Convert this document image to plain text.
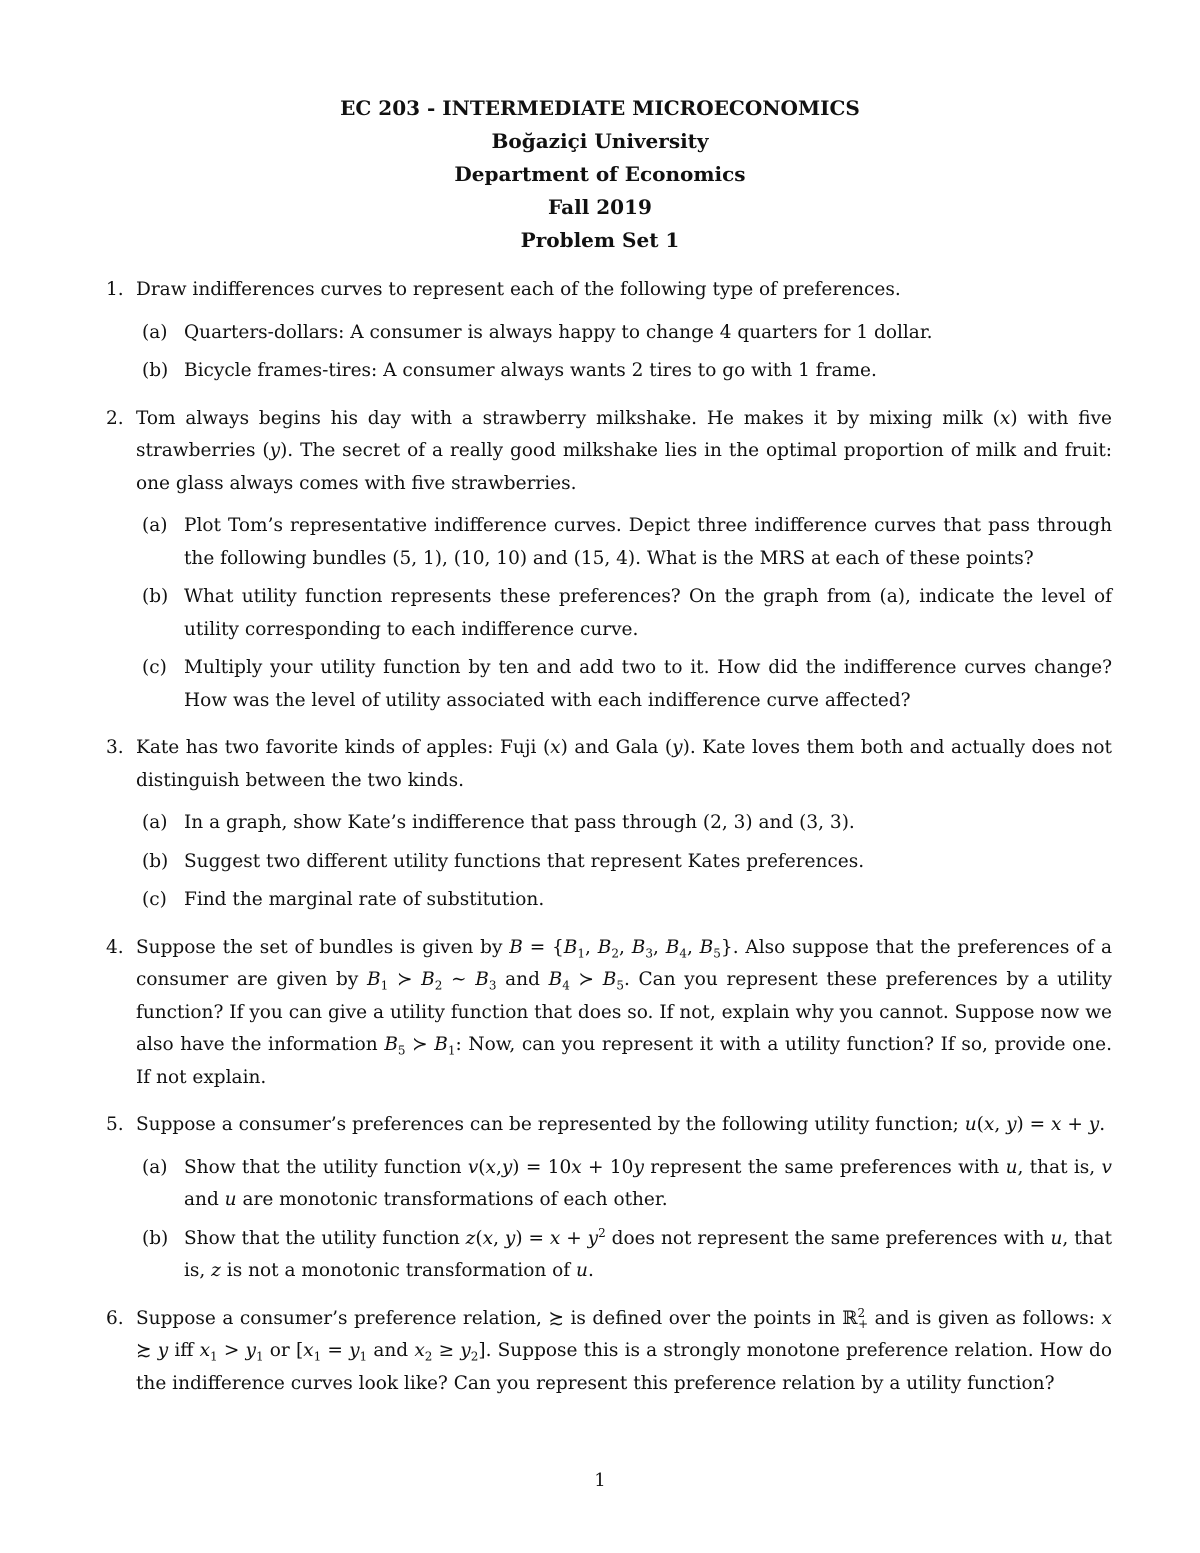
EC 203 - INTERMEDIATE MICROECONOMICS
Boğaziçi University
Department of Economics
Fall 2019
Problem Set 1
1. Draw indifferences curves to represent each of the following type of preferences.
(a) Quarters-dollars: A consumer is always happy to change 4 quarters for 1 dollar.
(b) Bicycle frames-tires: A consumer always wants 2 tires to go with 1 frame.
2. Tom always begins his day with a strawberry milkshake. He makes it by mixing milk (x) with five strawberries (y). The secret of a really good milkshake lies in the optimal proportion of milk and fruit: one glass always comes with five strawberries.
(a) Plot Tom’s representative indifference curves. Depict three indifference curves that pass through the following bundles (5, 1), (10, 10) and (15, 4). What is the MRS at each of these points?
(b) What utility function represents these preferences? On the graph from (a), indicate the level of utility corresponding to each indifference curve.
(c) Multiply your utility function by ten and add two to it. How did the indifference curves change? How was the level of utility associated with each indifference curve affected?
3. Kate has two favorite kinds of apples: Fuji (x) and Gala (y). Kate loves them both and actually does not distinguish between the two kinds.
(a) In a graph, show Kate’s indifference that pass through (2, 3) and (3, 3).
(b) Suggest two different utility functions that represent Kates preferences.
(c) Find the marginal rate of substitution.
4. Suppose the set of bundles is given by $B = \{B_1$, $B_2$, $B_3$, $B_4$, $B_5$}. Also suppose that the preferences of a consumer are given by $B_1$ ≻ $B_2$ ∼ $B_3$ and $B_4$ ≻ $B_5$. Can you represent these preferences by a utility function? If you can give a utility function that does so. If not, explain why you cannot. Suppose now we also have the information $B_5$ ≻ $B_1$: Now, can you represent it with a utility function? If so, provide one. If not explain.
5. Suppose a consumer’s preferences can be represented by the following utility function; u(x, y) = x + y.
(a) Show that the utility function v(x,y) = 10x + 10y represent the same preferences with u, that is, v and u are monotonic transformations of each other.
(b) Show that the utility function z(x, $y) = x + y^2$ does not represent the same preferences with u, that is, z is not a monotonic transformation of u.
6. Suppose a consumer’s preference relation, ≿ is defined over the points in ℝ$^2_+$ and is given as follows: x ≿ y iff $x_1 > y_1$ or [$x_1 = y_1$ and $x_2 \ge y_2$]. Suppose this is a strongly monotone preference relation. How do the indifference curves look like? Can you represent this preference relation by a utility function?
1
